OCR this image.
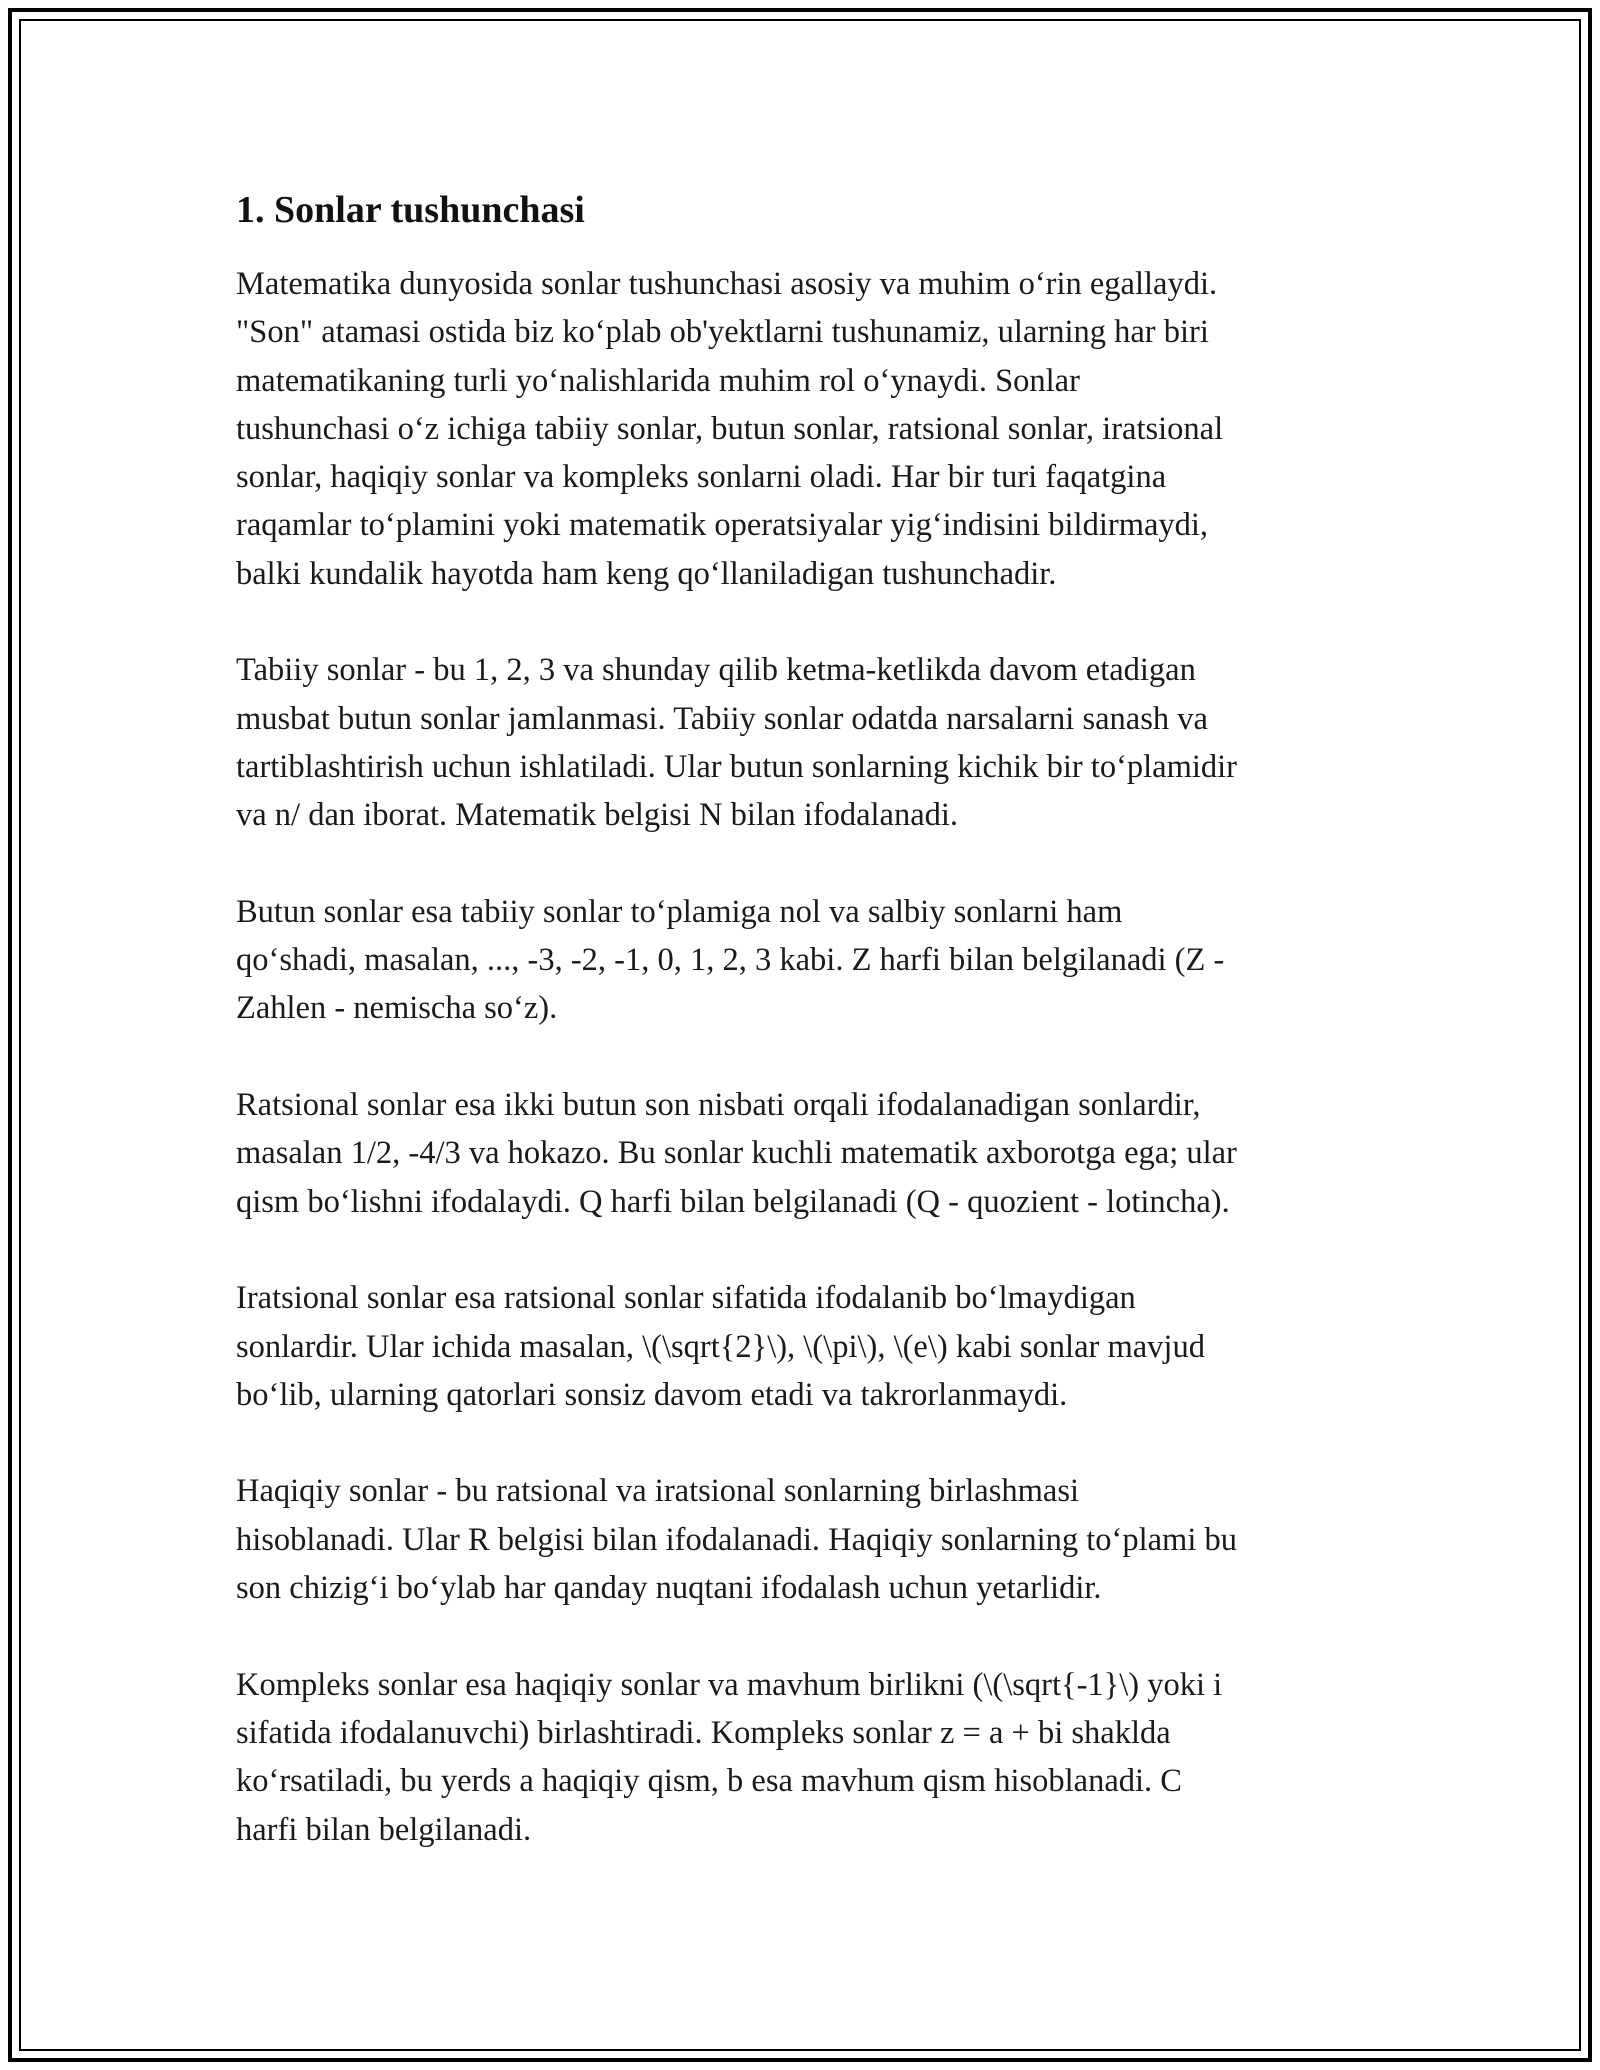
1. Sonlar tushunchasi

Matematika dunyosida sonlar tushunchasi asosiy va muhim o‘rin egallaydi.
"Son" atamasi ostida biz ko‘plab ob'yektlarni tushunamiz, ularning har biri
matematikaning turli yo‘nalishlarida muhim rol o‘ynaydi. Sonlar
tushunchasi o‘z ichiga tabiiy sonlar, butun sonlar, ratsional sonlar, iratsional
sonlar, haqiqiy sonlar va kompleks sonlarni oladi. Har bir turi faqatgina
raqamlar to‘plamini yoki matematik operatsiyalar yig‘indisini bildirmaydi,
balki kundalik hayotda ham keng qo‘llaniladigan tushunchadir.

Tabiiy sonlar - bu 1, 2, 3 va shunday qilib ketma-ketlikda davom etadigan
musbat butun sonlar jamlanmasi. Tabiiy sonlar odatda narsalarni sanash va
tartiblashtirish uchun ishlatiladi. Ular butun sonlarning kichik bir to‘plamidir
va n/ dan iborat. Matematik belgisi N bilan ifodalanadi.

Butun sonlar esa tabiiy sonlar to‘plamiga nol va salbiy sonlarni ham
qo‘shadi, masalan, ..., -3, -2, -1, 0, 1, 2, 3 kabi. Z harfi bilan belgilanadi (Z -
Zahlen - nemischa so‘z).

Ratsional sonlar esa ikki butun son nisbati orqali ifodalanadigan sonlardir,
masalan 1/2, -4/3 va hokazo. Bu sonlar kuchli matematik axborotga ega; ular
qism bo‘lishni ifodalaydi. Q harfi bilan belgilanadi (Q - quozient - lotincha).

Iratsional sonlar esa ratsional sonlar sifatida ifodalanib bo‘lmaydigan
sonlardir. Ular ichida masalan, \(\sqrt{2}\), \(\pi\), \(e\) kabi sonlar mavjud
bo‘lib, ularning qatorlari sonsiz davom etadi va takrorlanmaydi.

Haqiqiy sonlar - bu ratsional va iratsional sonlarning birlashmasi
hisoblanadi. Ular R belgisi bilan ifodalanadi. Haqiqiy sonlarning to‘plami bu
son chizig‘i bo‘ylab har qanday nuqtani ifodalash uchun yetarlidir.

Kompleks sonlar esa haqiqiy sonlar va mavhum birlikni (\(\sqrt{-1}\) yoki i
sifatida ifodalanuvchi) birlashtiradi. Kompleks sonlar z = a + bi shaklda
ko‘rsatiladi, bu yerds a haqiqiy qism, b esa mavhum qism hisoblanadi. C
harfi bilan belgilanadi.
